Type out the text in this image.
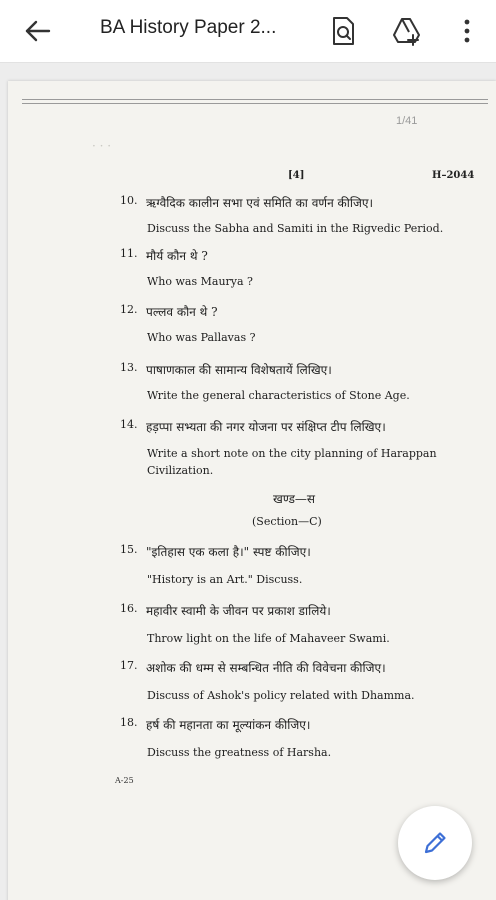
BA History Paper 2...
1/41
· · ·
[4]	H–2044
10. ऋग्वैदिक कालीन सभा एवं समिति का वर्णन कीजिए।
Discuss the Sabha and Samiti in the Rigvedic Period.
11. मौर्य कौन थे ?
Who was Maurya ?
12. पल्लव कौन थे ?
Who was Pallavas ?
13. पाषाणकाल की सामान्य विशेषतायें लिखिए।
Write the general characteristics of Stone Age.
14. हड़प्पा सभ्यता की नगर योजना पर संक्षिप्त टीप लिखिए।
Write a short note on the city planning of Harappan Civilization.
खण्ड—स
(Section—C)
15. "इतिहास एक कला है।" स्पष्ट कीजिए।
"History is an Art." Discuss.
16. महावीर स्वामी के जीवन पर प्रकाश डालिये।
Throw light on the life of Mahaveer Swami.
17. अशोक की धम्म से सम्बन्धित नीति की विवेचना कीजिए।
Discuss of Ashok's policy related with Dhamma.
18. हर्ष की महानता का मूल्यांकन कीजिए।
Discuss the greatness of Harsha.
A-25
